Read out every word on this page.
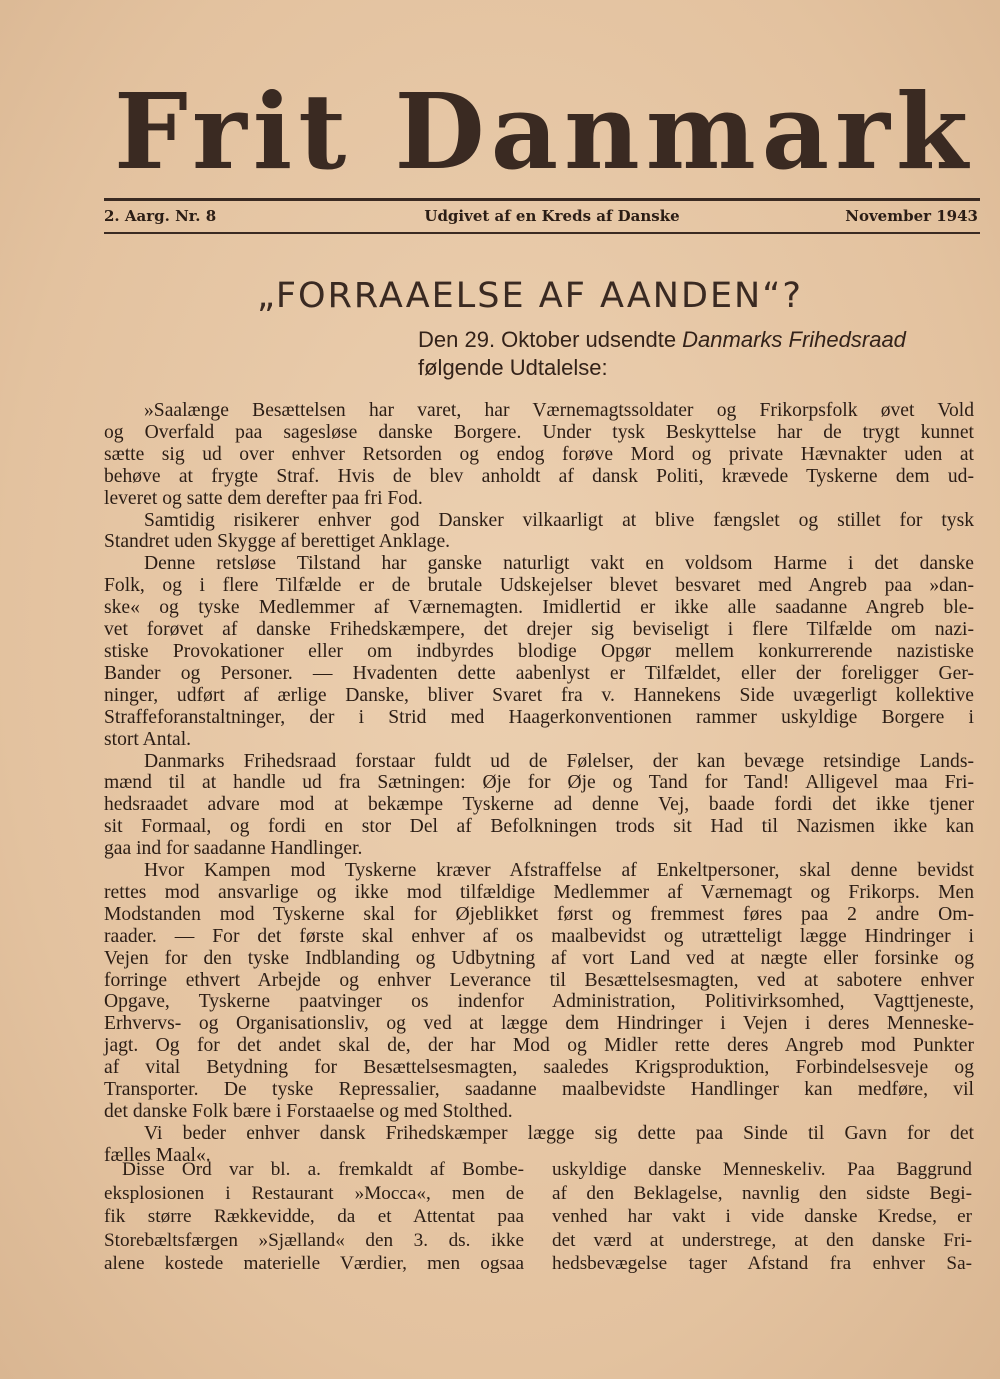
Frit Danmark
2. Aarg. Nr. 8	Udgivet af en Kreds af Danske	November 1943
„FORRAAELSE AF AANDEN“?
Den 29. Oktober udsendte Danmarks Frihedsraad
følgende Udtalelse:
»Saalænge Besættelsen har varet, har Værnemagtssoldater og Frikorpsfolk øvet Vold
og Overfald paa sagesløse danske Borgere. Under tysk Beskyttelse har de trygt kunnet
sætte sig ud over enhver Retsorden og endog forøve Mord og private Hævnakter uden at
behøve at frygte Straf. Hvis de blev anholdt af dansk Politi, krævede Tyskerne dem ud-
leveret og satte dem derefter paa fri Fod.
Samtidig risikerer enhver god Dansker vilkaarligt at blive fængslet og stillet for tysk
Standret uden Skygge af berettiget Anklage.
Denne retsløse Tilstand har ganske naturligt vakt en voldsom Harme i det danske
Folk, og i flere Tilfælde er de brutale Udskejelser blevet besvaret med Angreb paa »dan-
ske« og tyske Medlemmer af Værnemagten. Imidlertid er ikke alle saadanne Angreb ble-
vet forøvet af danske Frihedskæmpere, det drejer sig beviseligt i flere Tilfælde om nazi-
stiske Provokationer eller om indbyrdes blodige Opgør mellem konkurrerende nazistiske
Bander og Personer. — Hvadenten dette aabenlyst er Tilfældet, eller der foreligger Ger-
ninger, udført af ærlige Danske, bliver Svaret fra v. Hannekens Side uvægerligt kollektive
Straffeforanstaltninger, der i Strid med Haagerkonventionen rammer uskyldige Borgere i
stort Antal.
Danmarks Frihedsraad forstaar fuldt ud de Følelser, der kan bevæge retsindige Lands-
mænd til at handle ud fra Sætningen: Øje for Øje og Tand for Tand! Alligevel maa Fri-
hedsraadet advare mod at bekæmpe Tyskerne ad denne Vej, baade fordi det ikke tjener
sit Formaal, og fordi en stor Del af Befolkningen trods sit Had til Nazismen ikke kan
gaa ind for saadanne Handlinger.
Hvor Kampen mod Tyskerne kræver Afstraffelse af Enkeltpersoner, skal denne bevidst
rettes mod ansvarlige og ikke mod tilfældige Medlemmer af Værnemagt og Frikorps. Men
Modstanden mod Tyskerne skal for Øjeblikket først og fremmest føres paa 2 andre Om-
raader. — For det første skal enhver af os maalbevidst og utrætteligt lægge Hindringer i
Vejen for den tyske Indblanding og Udbytning af vort Land ved at nægte eller forsinke og
forringe ethvert Arbejde og enhver Leverance til Besættelsesmagten, ved at sabotere enhver
Opgave, Tyskerne paatvinger os indenfor Administration, Politivirksomhed, Vagttjeneste,
Erhvervs- og Organisationsliv, og ved at lægge dem Hindringer i Vejen i deres Menneske-
jagt. Og for det andet skal de, der har Mod og Midler rette deres Angreb mod Punkter
af vital Betydning for Besættelsesmagten, saaledes Krigsproduktion, Forbindelsesveje og
Transporter. De tyske Repressalier, saadanne maalbevidste Handlinger kan medføre, vil
det danske Folk bære i Forstaaelse og med Stolthed.
Vi beder enhver dansk Frihedskæmper lægge sig dette paa Sinde til Gavn for det
fælles Maal«.
Disse Ord var bl. a. fremkaldt af Bombe-
eksplosionen i Restaurant »Mocca«, men de
fik større Rækkevidde, da et Attentat paa
Storebæltsfærgen »Sjælland« den 3. ds. ikke
alene kostede materielle Værdier, men ogsaa
uskyldige danske Menneskeliv. Paa Baggrund
af den Beklagelse, navnlig den sidste Begi-
venhed har vakt i vide danske Kredse, er
det værd at understrege, at den danske Fri-
hedsbevægelse tager Afstand fra enhver Sa-
